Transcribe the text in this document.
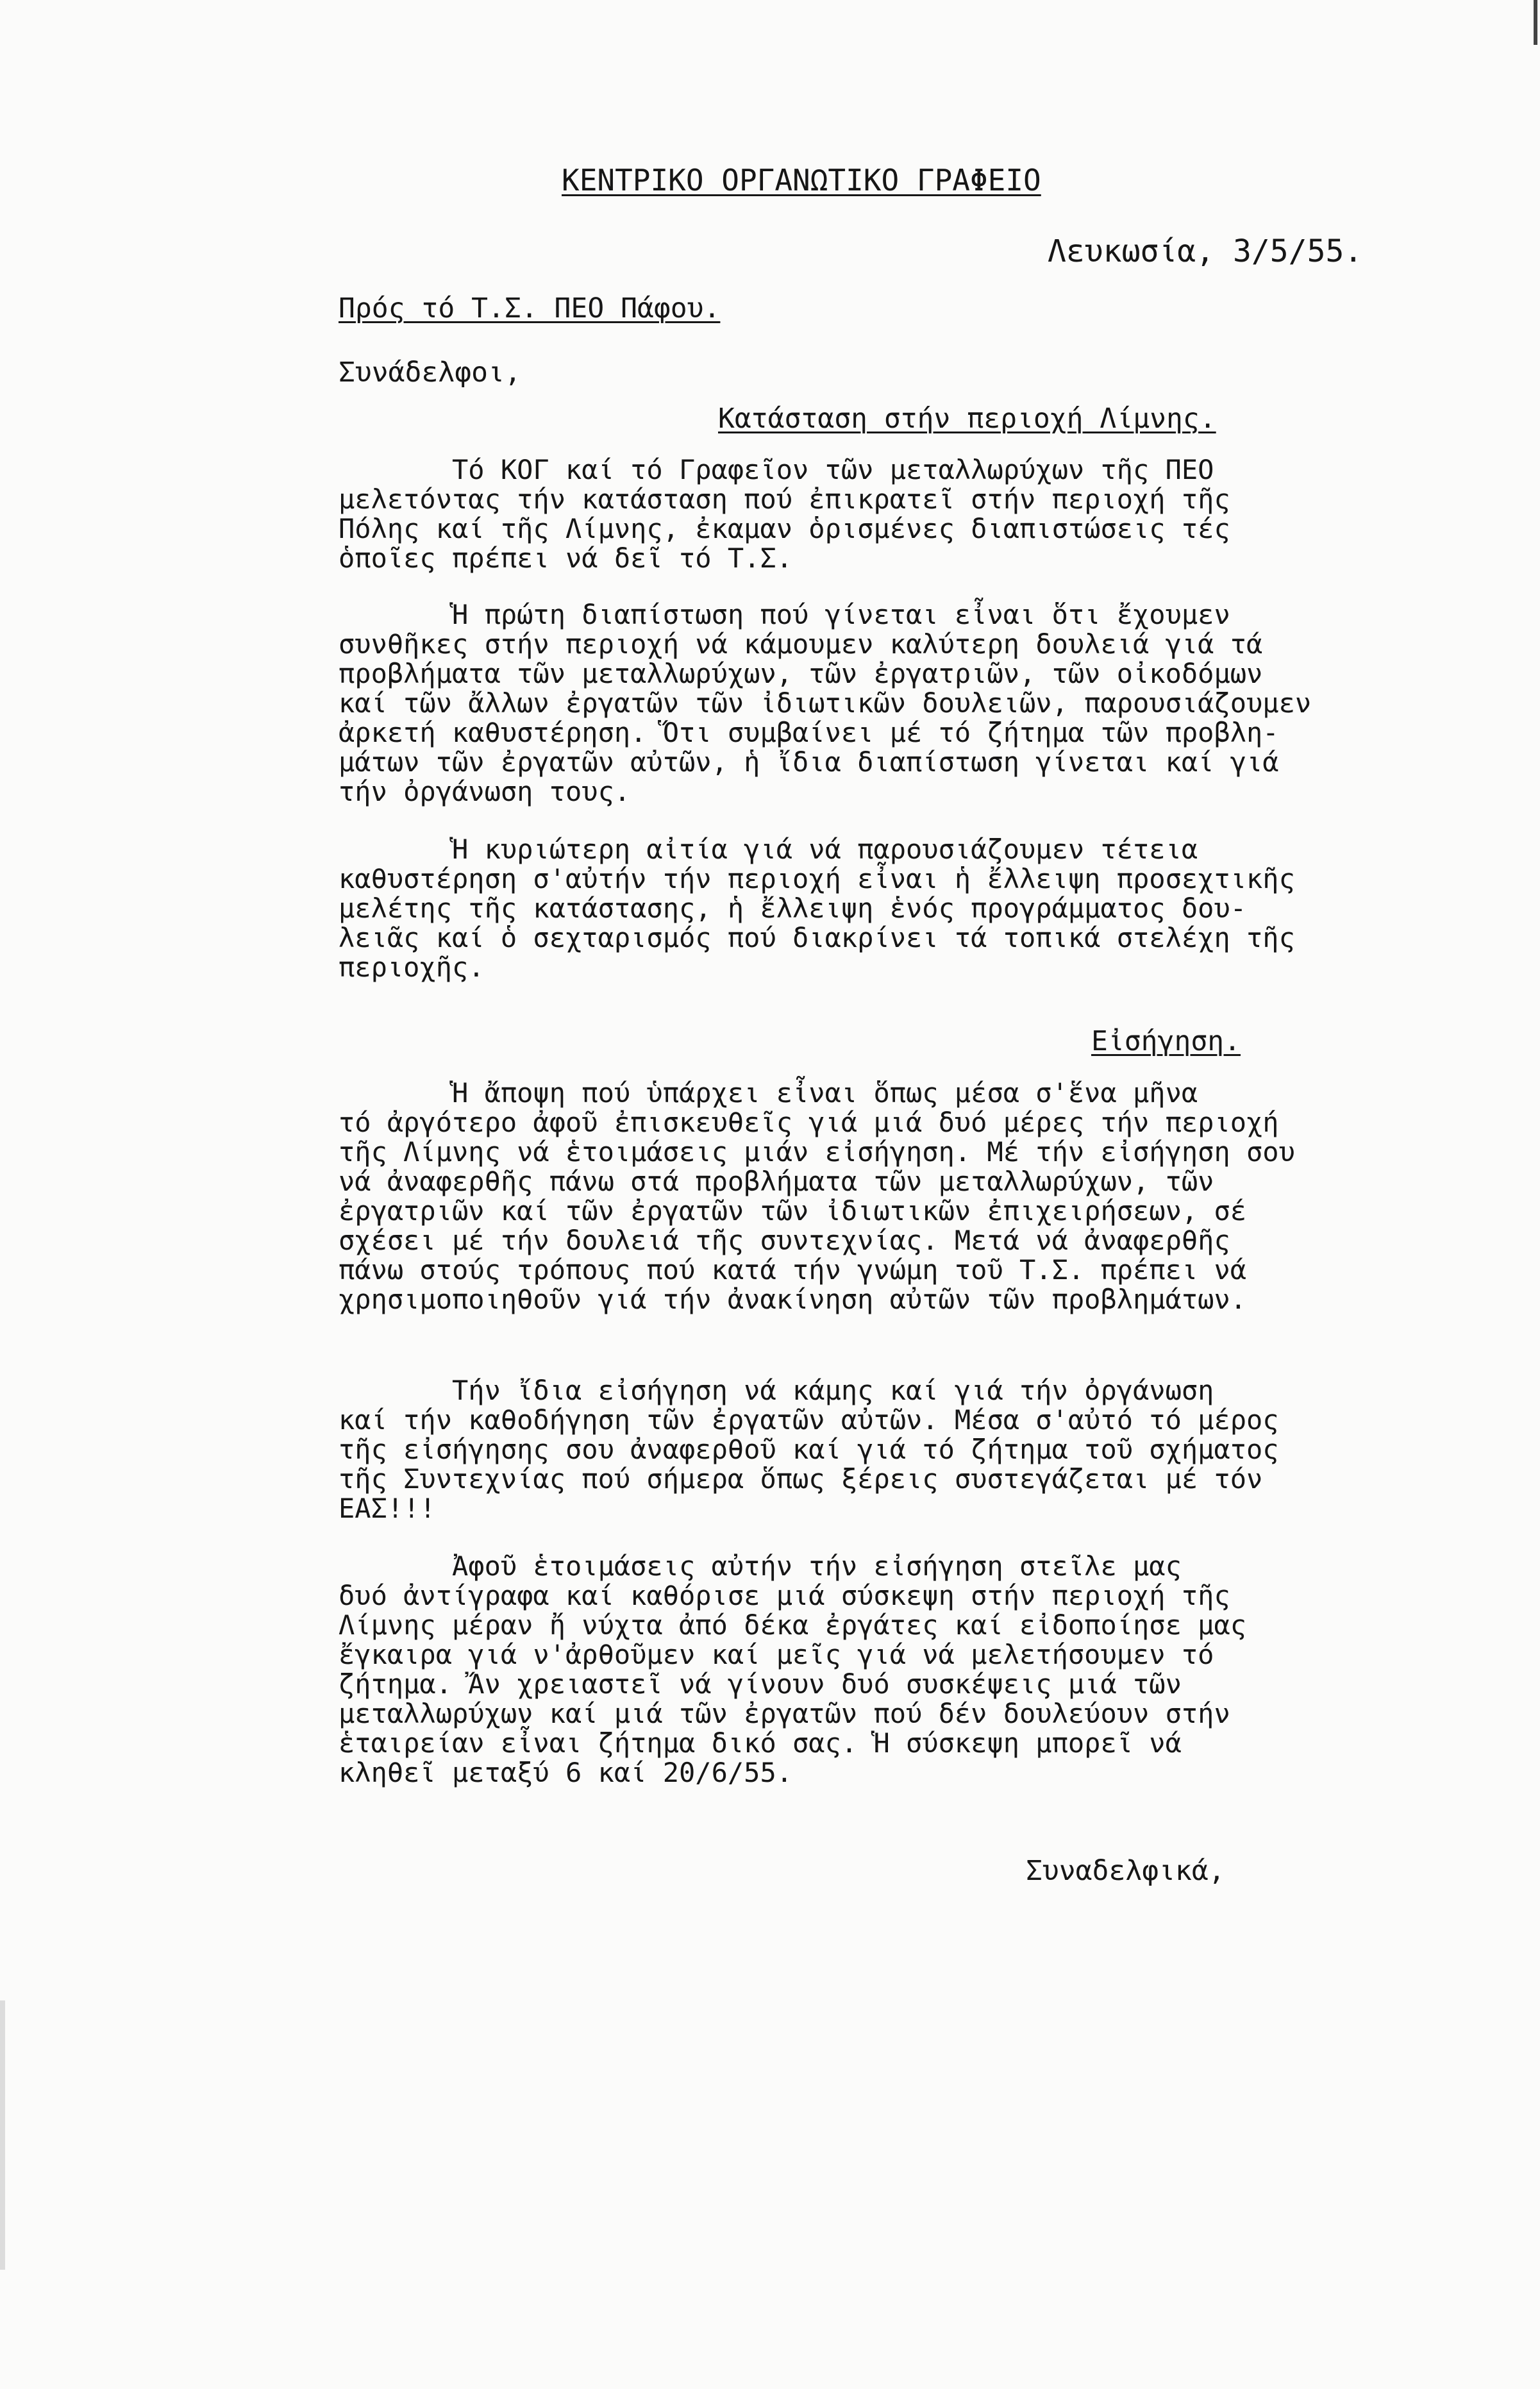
ΚΕΝΤΡΙΚΟ ΟΡΓΑΝΩΤΙΚΟ ΓΡΑΦΕΙΟ
Λευκωσία, 3/5/55.
Πρός τό Τ.Σ. ΠΕΟ Πάφου.
Συνάδελφοι,
Κατάσταση στήν περιοχή Λίμνης.
Τό ΚΟΓ καί τό Γραφεῖον τῶν μεταλλωρύχων τῆς ΠΕΟ
μελετόντας τήν κατάσταση πού ἐπικρατεῖ στήν περιοχή τῆς
Πόλης καί τῆς Λίμνης, ἐκαμαν ὁρισμένες διαπιστώσεις τές
ὁποῖες πρέπει νά δεῖ τό Τ.Σ.
Ἡ πρώτη διαπίστωση πού γίνεται εἶναι ὅτι ἔχουμεν
συνθῆκες στήν περιοχή νά κάμουμεν καλύτερη δουλειά γιά τά
προβλήματα τῶν μεταλλωρύχων, τῶν ἐργατριῶν, τῶν οἰκοδόμων
καί τῶν ἄλλων ἐργατῶν τῶν ἰδιωτικῶν δουλειῶν, παρουσιάζουμεν
ἀρκετή καθυστέρηση. Ὅτι συμβαίνει μέ τό ζήτημα τῶν προβλη-
μάτων τῶν ἐργατῶν αὐτῶν, ἡ ἴδια διαπίστωση γίνεται καί γιά
τήν ὀργάνωση τους.
Ἡ κυριώτερη αἰτία γιά νά παρουσιάζουμεν τέτεια
καθυστέρηση σ'αὐτήν τήν περιοχή εἶναι ἡ ἔλλειψη προσεχτικῆς
μελέτης τῆς κατάστασης, ἡ ἔλλειψη ἑνός προγράμματος δου-
λειᾶς καί ὁ σεχταρισμός πού διακρίνει τά τοπικά στελέχη τῆς
περιοχῆς.
Εἰσήγηση.
Ἡ ἄποψη πού ὑπάρχει εἶναι ὅπως μέσα σ'ἕνα μῆνα
τό ἀργότερο ἀφοῦ ἐπισκευθεῖς γιά μιά δυό μέρες τήν περιοχή
τῆς Λίμνης νά ἑτοιμάσεις μιάν εἰσήγηση. Μέ τήν εἰσήγηση σου
νά ἀναφερθῆς πάνω στά προβλήματα τῶν μεταλλωρύχων, τῶν
ἐργατριῶν καί τῶν ἐργατῶν τῶν ἰδιωτικῶν ἐπιχειρήσεων, σέ
σχέσει μέ τήν δουλειά τῆς συντεχνίας. Μετά νά ἀναφερθῆς
πάνω στούς τρόπους πού κατά τήν γνώμη τοῦ Τ.Σ. πρέπει νά
χρησιμοποιηθοῦν γιά τήν ἀνακίνηση αὐτῶν τῶν προβλημάτων.
Τήν ἴδια εἰσήγηση νά κάμης καί γιά τήν ὀργάνωση
καί τήν καθοδήγηση τῶν ἐργατῶν αὐτῶν. Μέσα σ'αὐτό τό μέρος
τῆς εἰσήγησης σου ἀναφερθοῦ καί γιά τό ζήτημα τοῦ σχήματος
τῆς Συντεχνίας πού σήμερα ὅπως ξέρεις συστεγάζεται μέ τόν
ΕΑΣ!!!
Ἀφοῦ ἑτοιμάσεις αὐτήν τήν εἰσήγηση στεῖλε μας
δυό ἀντίγραφα καί καθόρισε μιά σύσκεψη στήν περιοχή τῆς
Λίμνης μέραν ἤ νύχτα ἀπό δέκα ἐργάτες καί εἰδοποίησε μας
ἔγκαιρα γιά ν'ἀρθοῦμεν καί μεῖς γιά νά μελετήσουμεν τό
ζήτημα. Ἄν χρειαστεῖ νά γίνουν δυό συσκέψεις μιά τῶν
μεταλλωρύχων καί μιά τῶν ἐργατῶν πού δέν δουλεύουν στήν
ἑταιρείαν εἶναι ζήτημα δικό σας. Ἡ σύσκεψη μπορεῖ νά
κληθεῖ μεταξύ 6 καί 20/6/55.
Συναδελφικά,
